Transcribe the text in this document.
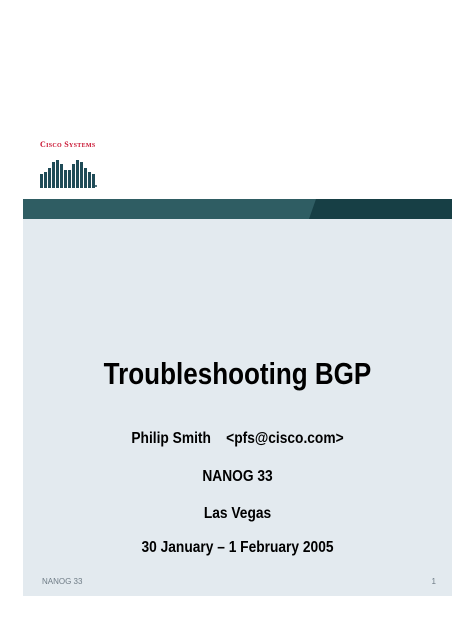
CISCO SYSTEMS
Troubleshooting BGP
Philip Smith    <pfs@cisco.com>
NANOG 33
Las Vegas
30 January – 1 February 2005
NANOG 33	1
